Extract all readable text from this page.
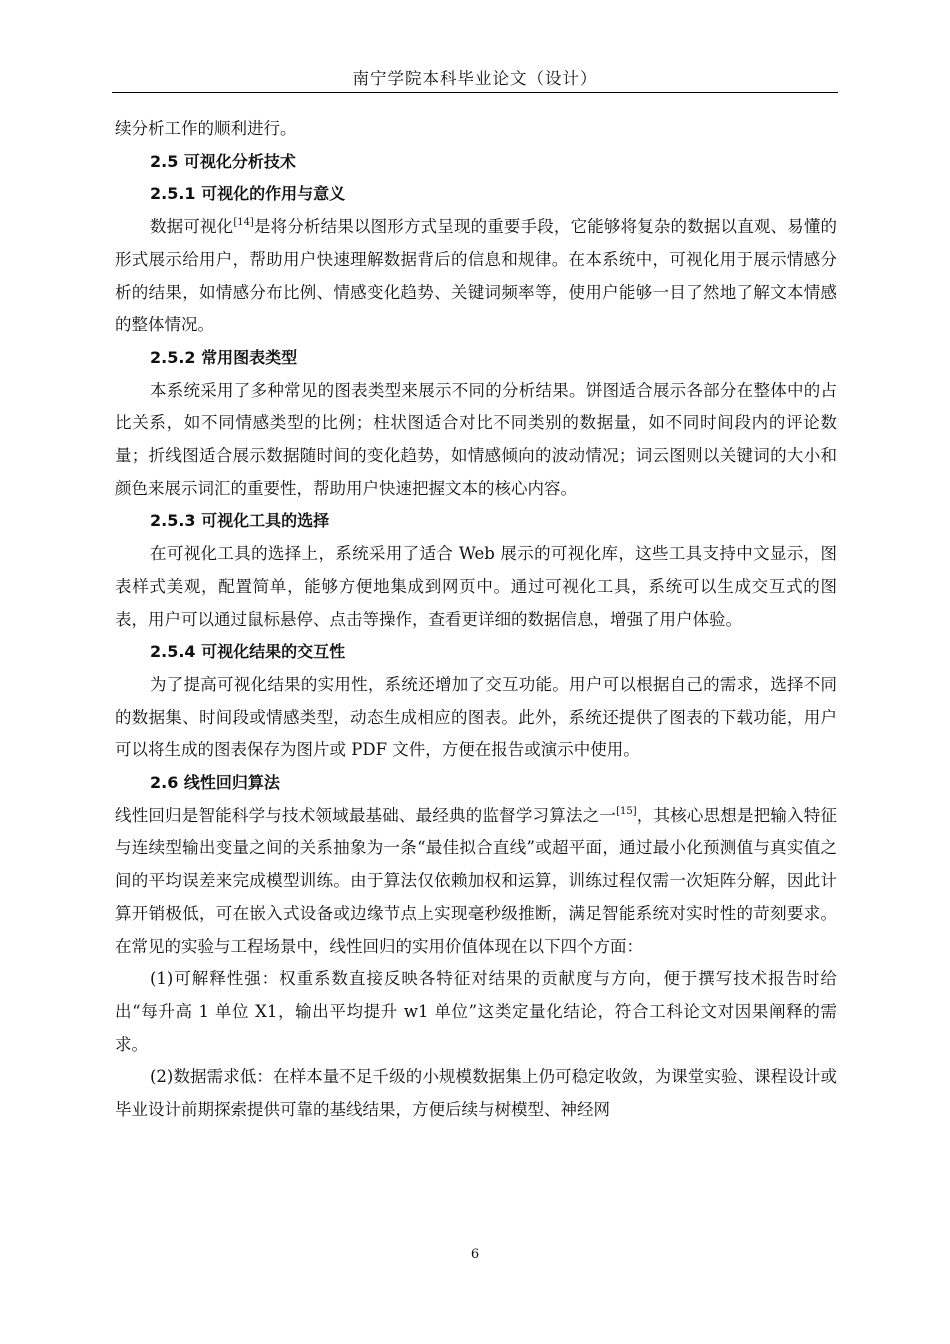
南宁学院本科毕业论文（设计）

续分析工作的顺利进行。

2.5 可视化分析技术

2.5.1 可视化的作用与意义

数据可视化[14]是将分析结果以图形方式呈现的重要手段，它能够将复杂的数据以直观、易懂的形式展示给用户，帮助用户快速理解数据背后的信息和规律。在本系统中，可视化用于展示情感分析的结果，如情感分布比例、情感变化趋势、关键词频率等，使用户能够一目了然地了解文本情感的整体情况。

2.5.2 常用图表类型

本系统采用了多种常见的图表类型来展示不同的分析结果。饼图适合展示各部分在整体中的占比关系，如不同情感类型的比例；柱状图适合对比不同类别的数据量，如不同时间段内的评论数量；折线图适合展示数据随时间的变化趋势，如情感倾向的波动情况；词云图则以关键词的大小和颜色来展示词汇的重要性，帮助用户快速把握文本的核心内容。

2.5.3 可视化工具的选择

在可视化工具的选择上，系统采用了适合 Web 展示的可视化库，这些工具支持中文显示，图表样式美观，配置简单，能够方便地集成到网页中。通过可视化工具，系统可以生成交互式的图表，用户可以通过鼠标悬停、点击等操作，查看更详细的数据信息，增强了用户体验。

2.5.4 可视化结果的交互性

为了提高可视化结果的实用性，系统还增加了交互功能。用户可以根据自己的需求，选择不同的数据集、时间段或情感类型，动态生成相应的图表。此外，系统还提供了图表的下载功能，用户可以将生成的图表保存为图片或 PDF 文件，方便在报告或演示中使用。

2.6 线性回归算法

线性回归是智能科学与技术领域最基础、最经典的监督学习算法之一[15]，其核心思想是把输入特征与连续型输出变量之间的关系抽象为一条“最佳拟合直线”或超平面，通过最小化预测值与真实值之间的平均误差来完成模型训练。由于算法仅依赖加权和运算，训练过程仅需一次矩阵分解，因此计算开销极低，可在嵌入式设备或边缘节点上实现毫秒级推断，满足智能系统对实时性的苛刻要求。在常见的实验与工程场景中，线性回归的实用价值体现在以下四个方面：

(1)可解释性强：权重系数直接反映各特征对结果的贡献度与方向，便于撰写技术报告时给出“每升高 1 单位 X1，输出平均提升 w1 单位”这类定量化结论，符合工科论文对因果阐释的需求。

(2)数据需求低：在样本量不足千级的小规模数据集上仍可稳定收敛，为课堂实验、课程设计或毕业设计前期探索提供可靠的基线结果，方便后续与树模型、神经网

6
